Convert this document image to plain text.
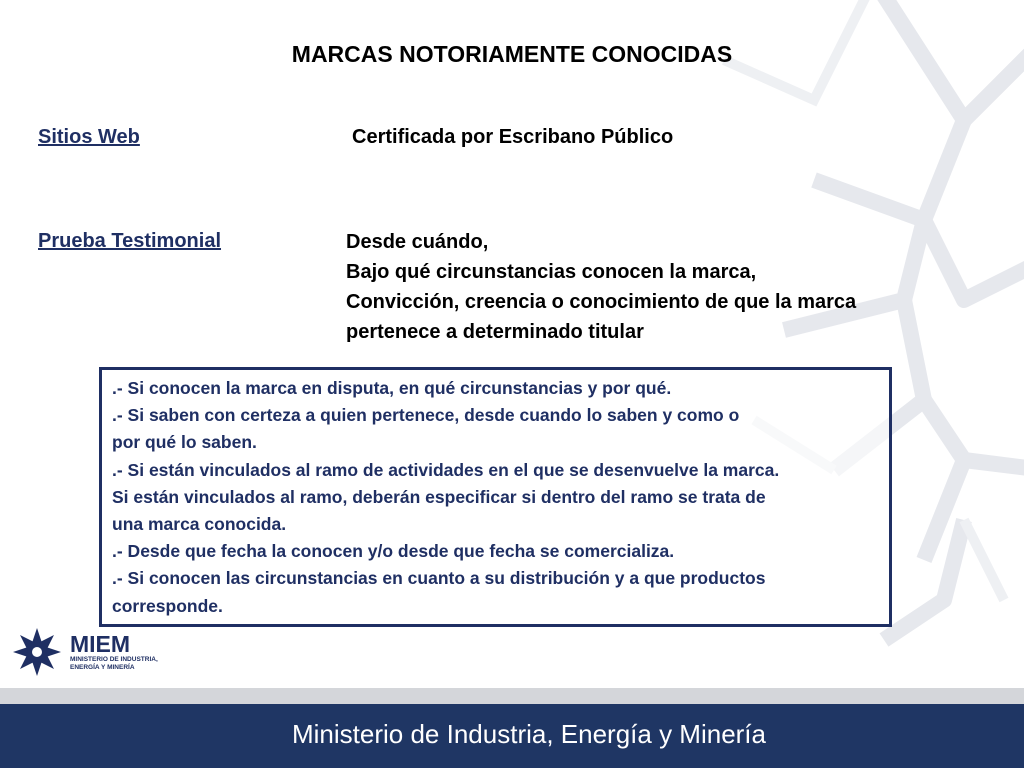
MARCAS NOTORIAMENTE CONOCIDAS
Sitios Web	Certificada por Escribano Público
Prueba Testimonial	Desde cuándo,
Bajo qué circunstancias conocen la marca,
Convicción, creencia o conocimiento de que la marca
pertenece a determinado titular
.- Si conocen la marca en disputa, en qué circunstancias y por qué.
.- Si saben con certeza a quien pertenece, desde cuando lo saben y como o
por qué lo saben.
.- Si están vinculados al ramo de actividades en el que se desenvuelve la marca.
Si están vinculados al ramo, deberán especificar si dentro del ramo se trata de
una marca conocida.
.- Desde que fecha la conocen y/o desde que fecha se comercializa.
.- Si conocen las circunstancias en cuanto a su distribución y a que productos
corresponde.
MIEM
MINISTERIO DE INDUSTRIA,
ENERGÍA Y MINERÍA
Ministerio de Industria, Energía y Minería
